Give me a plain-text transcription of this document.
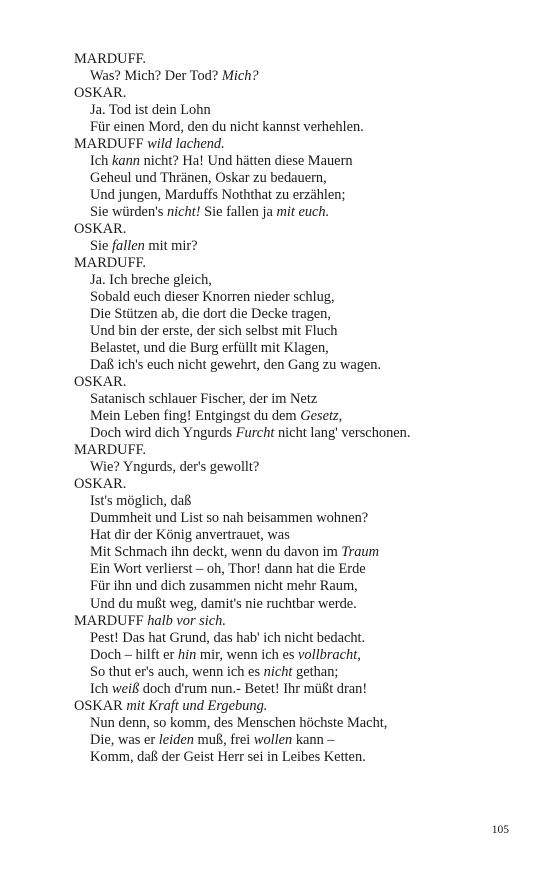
MARDUFF.
Was? Mich? Der Tod? Mich?
OSKAR.
Ja. Tod ist dein Lohn
Für einen Mord, den du nicht kannst verhehlen.
MARDUFF wild lachend.
Ich kann nicht? Ha! Und hätten diese Mauern
Geheul und Thränen, Oskar zu bedauern,
Und jungen, Marduffs Noththat zu erzählen;
Sie würden's nicht! Sie fallen ja mit euch.
OSKAR.
Sie fallen mit mir?
MARDUFF.
Ja. Ich breche gleich,
Sobald euch dieser Knorren nieder schlug,
Die Stützen ab, die dort die Decke tragen,
Und bin der erste, der sich selbst mit Fluch
Belastet, und die Burg erfüllt mit Klagen,
Daß ich's euch nicht gewehrt, den Gang zu wagen.
OSKAR.
Satanisch schlauer Fischer, der im Netz
Mein Leben fing! Entgingst du dem Gesetz,
Doch wird dich Yngurds Furcht nicht lang' verschonen.
MARDUFF.
Wie? Yngurds, der's gewollt?
OSKAR.
Ist's möglich, daß
Dummheit und List so nah beisammen wohnen?
Hat dir der König anvertrauet, was
Mit Schmach ihn deckt, wenn du davon im Traum
Ein Wort verlierst – oh, Thor! dann hat die Erde
Für ihn und dich zusammen nicht mehr Raum,
Und du mußt weg, damit's nie ruchtbar werde.
MARDUFF halb vor sich.
Pest! Das hat Grund, das hab' ich nicht bedacht.
Doch – hilft er hin mir, wenn ich es vollbracht,
So thut er's auch, wenn ich es nicht gethan;
Ich weiß doch d'rum nun.- Betet! Ihr müßt dran!
OSKAR mit Kraft und Ergebung.
Nun denn, so komm, des Menschen höchste Macht,
Die, was er leiden muß, frei wollen kann –
Komm, daß der Geist Herr sei in Leibes Ketten.
105
